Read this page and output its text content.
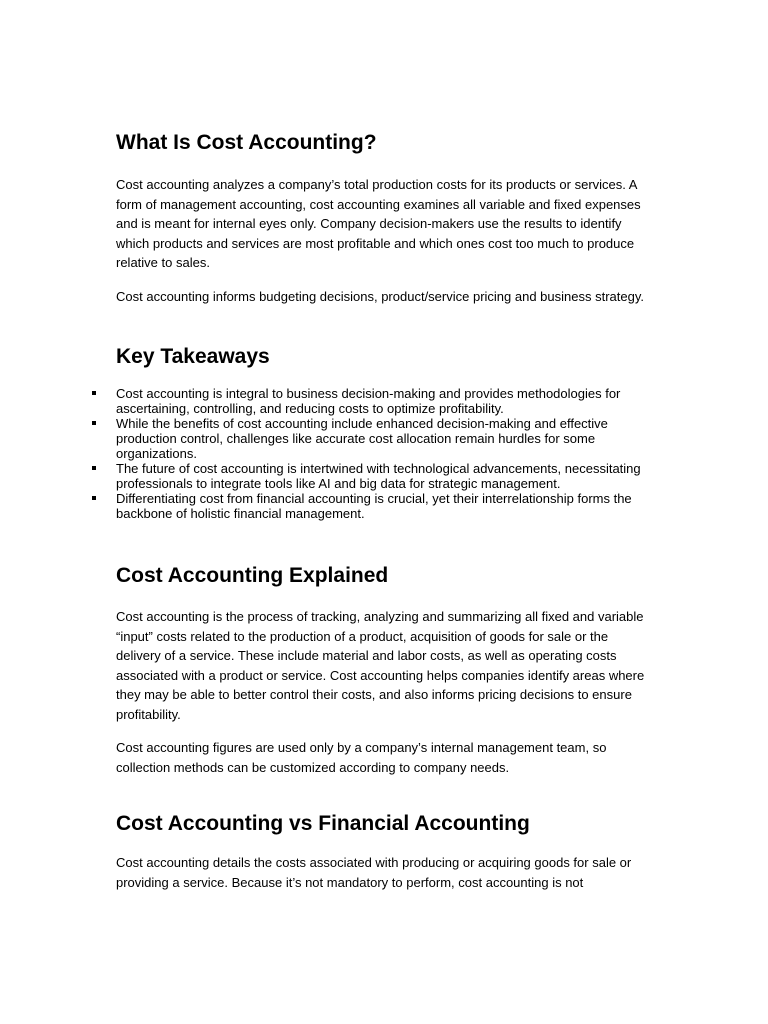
What Is Cost Accounting?

Cost accounting analyzes a company’s total production costs for its products or services. A form of management accounting, cost accounting examines all variable and fixed expenses and is meant for internal eyes only. Company decision-makers use the results to identify which products and services are most profitable and which ones cost too much to produce relative to sales.

Cost accounting informs budgeting decisions, product/service pricing and business strategy.

Key Takeaways
Cost accounting is integral to business decision-making and provides methodologies for ascertaining, controlling, and reducing costs to optimize profitability.
While the benefits of cost accounting include enhanced decision-making and effective production control, challenges like accurate cost allocation remain hurdles for some organizations.
The future of cost accounting is intertwined with technological advancements, necessitating professionals to integrate tools like AI and big data for strategic management.
Differentiating cost from financial accounting is crucial, yet their interrelationship forms the backbone of holistic financial management.
Cost Accounting Explained

Cost accounting is the process of tracking, analyzing and summarizing all fixed and variable “input” costs related to the production of a product, acquisition of goods for sale or the delivery of a service. These include material and labor costs, as well as operating costs associated with a product or service. Cost accounting helps companies identify areas where they may be able to better control their costs, and also informs pricing decisions to ensure profitability.

Cost accounting figures are used only by a company’s internal management team, so collection methods can be customized according to company needs.

Cost Accounting vs Financial Accounting

Cost accounting details the costs associated with producing or acquiring goods for sale or providing a service. Because it’s not mandatory to perform, cost accounting is not
